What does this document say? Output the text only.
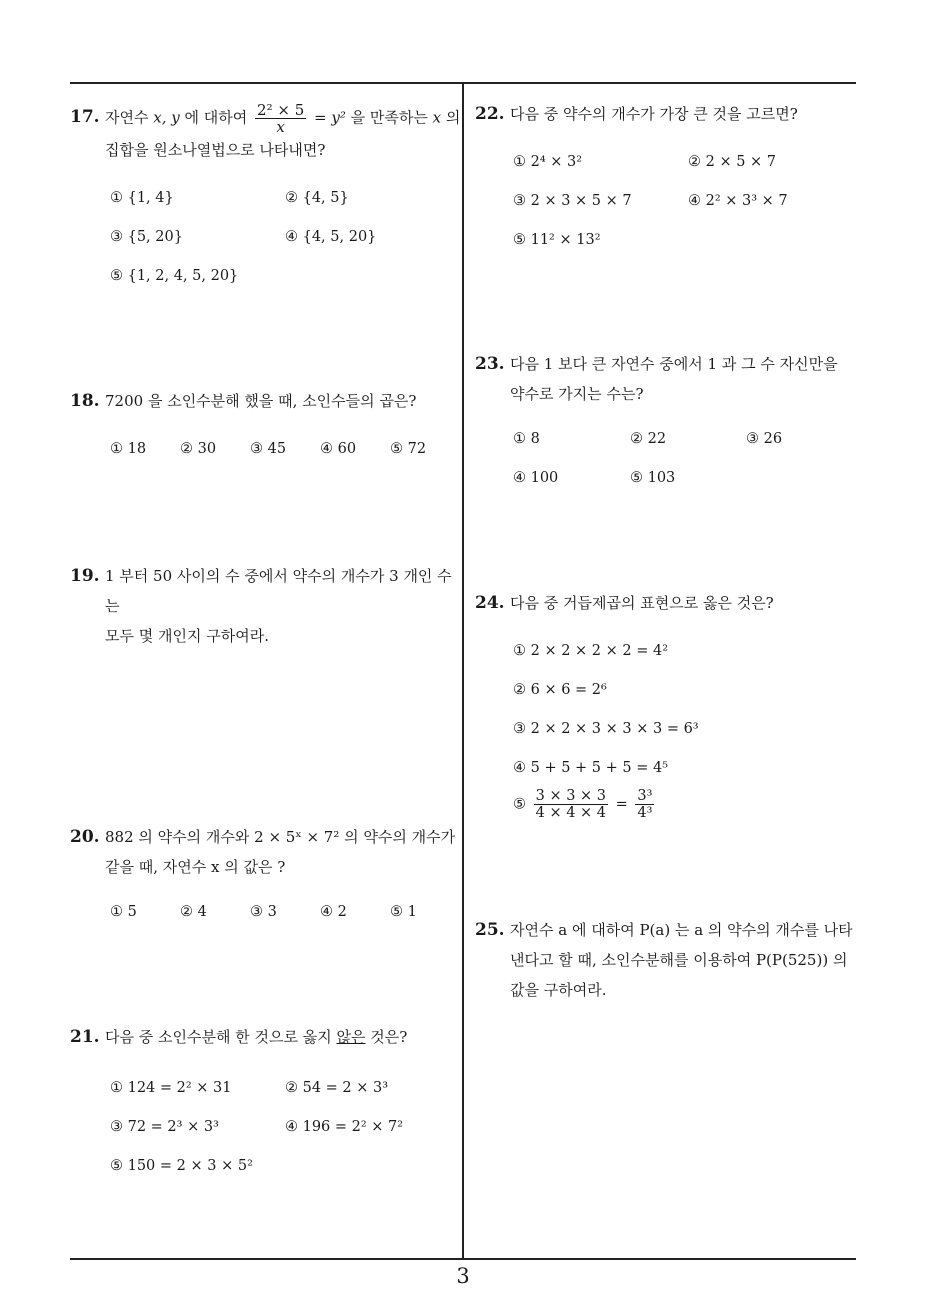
17. 자연수 x, y 에 대하여 $\frac{\text{2² × 5}}{x} = y^2$ 을 만족하는 x 의
집합을 원소나열법으로 나타내면?
① {1, 4}	② {4, 5}
③ {5, 20}	④ {4, 5, 20}
⑤ {1, 2, 4, 5, 20}
18. 7200 을 소인수분해 했을 때, 소인수들의 곱은?
① 18 ② 30 ③ 45 ④ 60 ⑤ 72
19. 1 부터 50 사이의 수 중에서 약수의 개수가 3 개인 수는
모두 몇 개인지 구하여라.
20. 882 의 약수의 개수와 2 × 5ˣ × 7² 의 약수의 개수가
같을 때, 자연수 x 의 값은 ?
① 5	② 4	③ 3	④ 2	⑤ 1
21. 다음 중 소인수분해 한 것으로 옳지 않은 것은?
① 124 = 2² × 31	② 54 = 2 × 3³
③ 72 = 2³ × 3³	④ 196 = 2² × 7²
⑤ 150 = 2 × 3 × 5²
22. 다음 중 약수의 개수가 가장 큰 것을 고르면?
① 2⁴ × 3²	② 2 × 5 × 7
③ 2 × 3 × 5 × 7	④ 2² × 3³ × 7
⑤ 11² × 13²
23. 다음 1 보다 큰 자연수 중에서 1 과 그 수 자신만을
약수로 가지는 수는?
① 8	② 22	③ 26
④ 100	⑤ 103
24. 다음 중 거듭제곱의 표현으로 옳은 것은?
① 2 × 2 × 2 × 2 = 4²
② 6 × 6 = 2⁶
③ 2 × 2 × 3 × 3 × 3 = 6³
④ 5 + 5 + 5 + 5 = 4⁵
⑤ $\frac{3 \times 3 \times 3}{4 \times 4 \times 4} = \frac{\text{3³}}{\text{4³}}$
25. 자연수 a 에 대하여 P(a) 는 a 의 약수의 개수를 나타
낸다고 할 때, 소인수분해를 이용하여 P(P(525)) 의
값을 구하여라.
3
